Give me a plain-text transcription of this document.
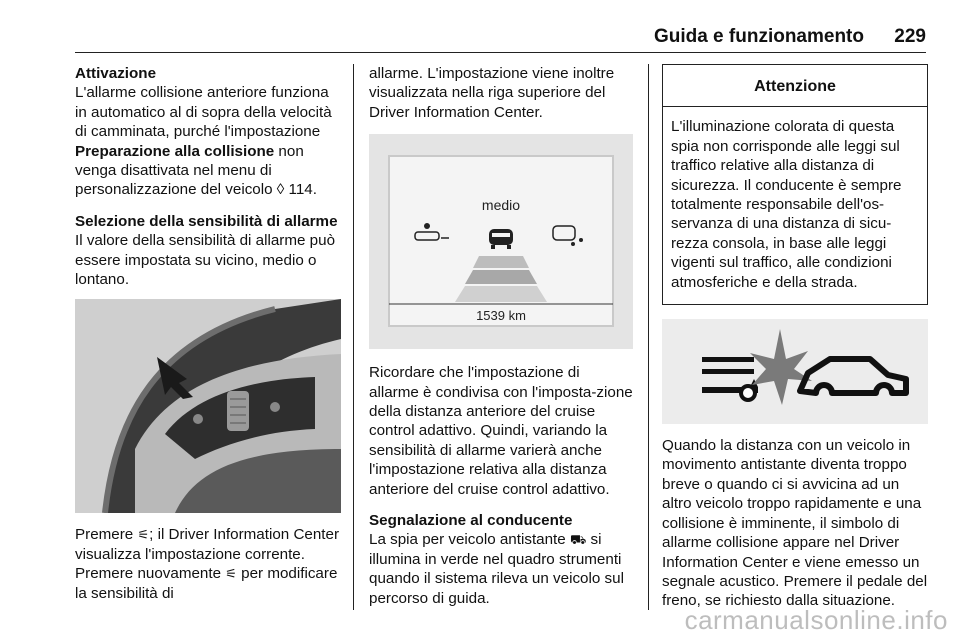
Guida e funzionamento 229

Attivazione

L'allarme collisione anteriore funziona in automatico al di sopra della velocità di camminata, purché l'impostazione Preparazione alla collisione non venga disattivata nel menu di personalizzazione del veicolo ◊ 114.

Selezione della sensibilità di allarme

Il valore della sensibilità di allarme può essere impostata su vicino, medio o lontano.

Premere ⚟; il Driver Information Center visualizza l'impostazione corrente. Premere nuovamente ⚟ per modificare la sensibilità di

allarme. L'impostazione viene inoltre visualizzata nella riga superiore del Driver Information Center.

medio
1539 km

Ricordare che l'impostazione di allarme è condivisa con l'imposta-zione della distanza anteriore del cruise control adattivo. Quindi, variando la sensibilità di allarme varierà anche l'impostazione relativa alla distanza anteriore del cruise control adattivo.

Segnalazione al conducente

La spia per veicolo antistante ⛟ si illumina in verde nel quadro strumenti quando il sistema rileva un veicolo sul percorso di guida.

Attenzione
L'illuminazione colorata di questa spia non corrisponde alle leggi sul traffico relative alla distanza di sicurezza. Il conducente è sempre totalmente responsabile dell'os-servanza di una distanza di sicu-rezza consola, in base alle leggi vigenti sul traffico, alle condizioni atmosferiche e della strada.

Quando la distanza con un veicolo in movimento antistante diventa troppo breve o quando ci si avvicina ad un altro veicolo troppo rapidamente e una collisione è imminente, il simbolo di allarme collisione appare nel Driver Information Center e viene emesso un segnale acustico. Premere il pedale del freno, se richiesto dalla situazione.

carmanualsonline.info
